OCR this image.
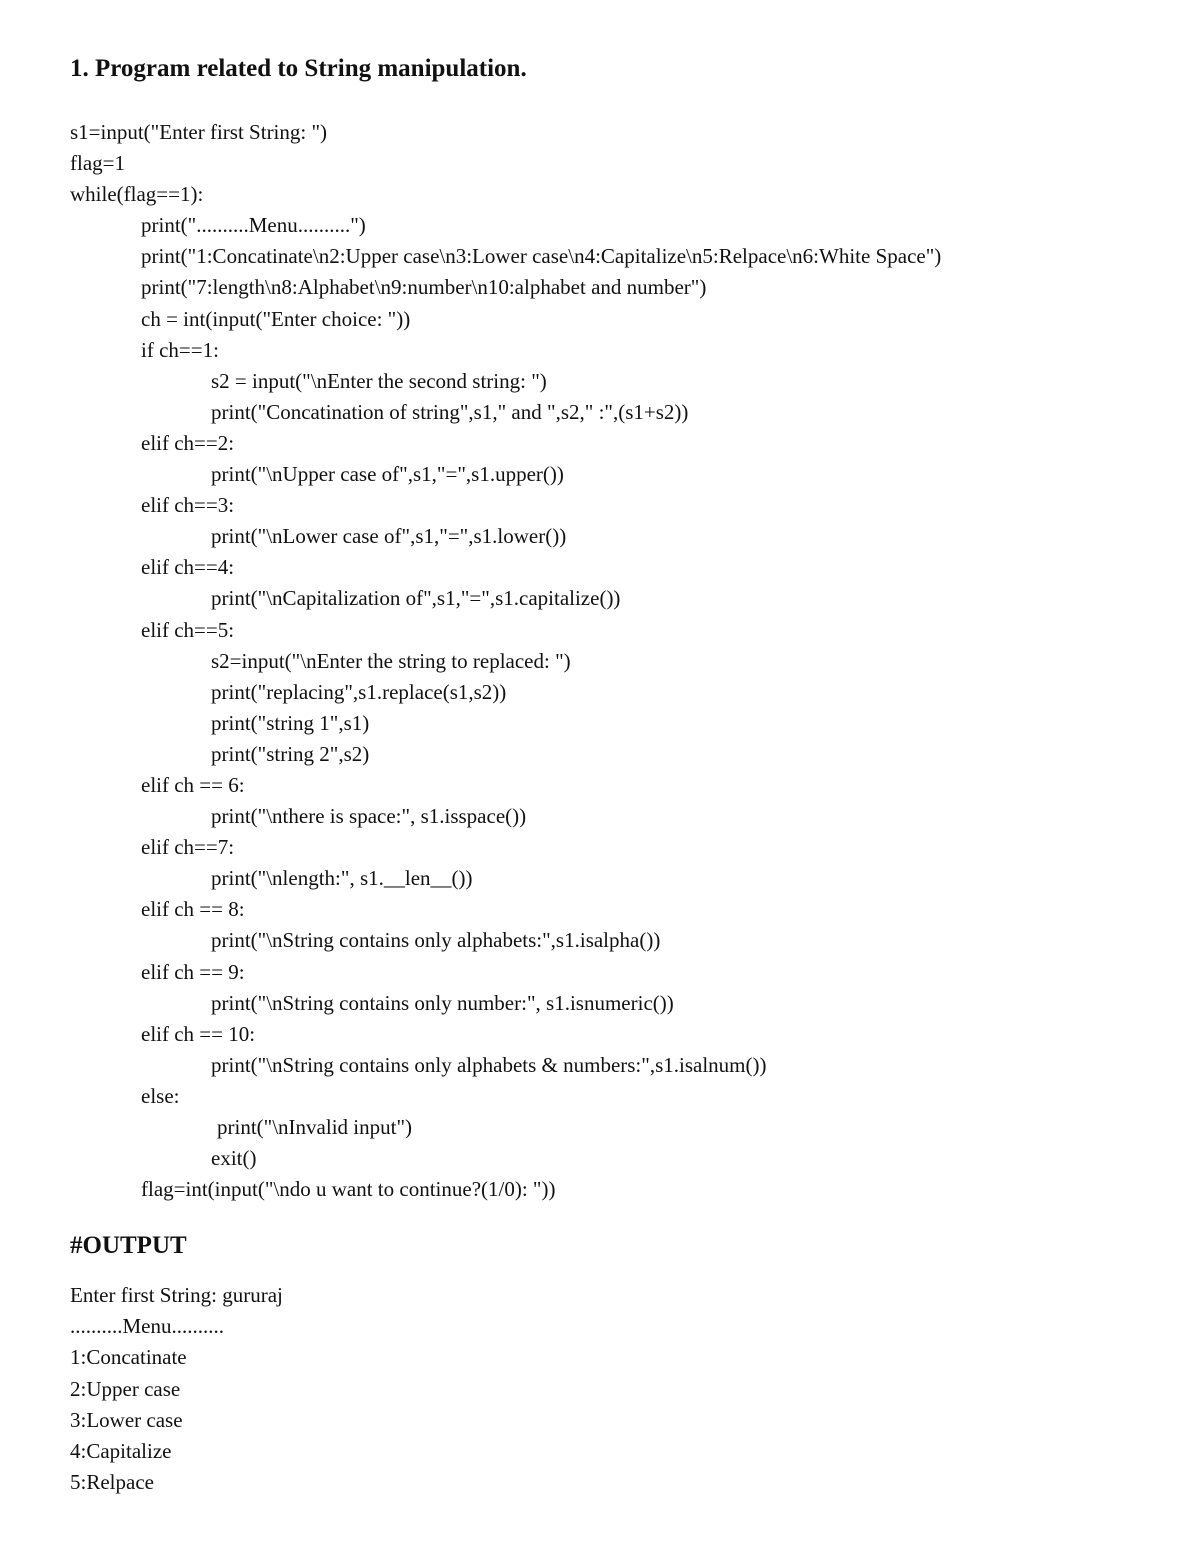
1. Program related to String manipulation.
s1=input("Enter first String: ")
flag=1
while(flag==1):
print("..........Menu..........")
print("1:Concatinate\n2:Upper case\n3:Lower case\n4:Capitalize\n5:Relpace\n6:White Space")
print("7:length\n8:Alphabet\n9:number\n10:alphabet and number")
ch = int(input("Enter choice: "))
if ch==1:
s2 = input("\nEnter the second string: ")
print("Concatination of string",s1," and ",s2," :",(s1+s2))
elif ch==2:
print("\nUpper case of",s1,"=",s1.upper())
elif ch==3:
print("\nLower case of",s1,"=",s1.lower())
elif ch==4:
print("\nCapitalization of",s1,"=",s1.capitalize())
elif ch==5:
s2=input("\nEnter the string to replaced: ")
print("replacing",s1.replace(s1,s2))
print("string 1",s1)
print("string 2",s2)
elif ch == 6:
print("\nthere is space:", s1.isspace())
elif ch==7:
print("\nlength:", s1.__len__())
elif ch == 8:
print("\nString contains only alphabets:",s1.isalpha())
elif ch == 9:
print("\nString contains only number:", s1.isnumeric())
elif ch == 10:
print("\nString contains only alphabets & numbers:",s1.isalnum())
else:
print("\nInvalid input")
exit()
flag=int(input("\ndo u want to continue?(1/0): "))
#OUTPUT
Enter first String: gururaj
..........Menu..........
1:Concatinate
2:Upper case
3:Lower case
4:Capitalize
5:Relpace
